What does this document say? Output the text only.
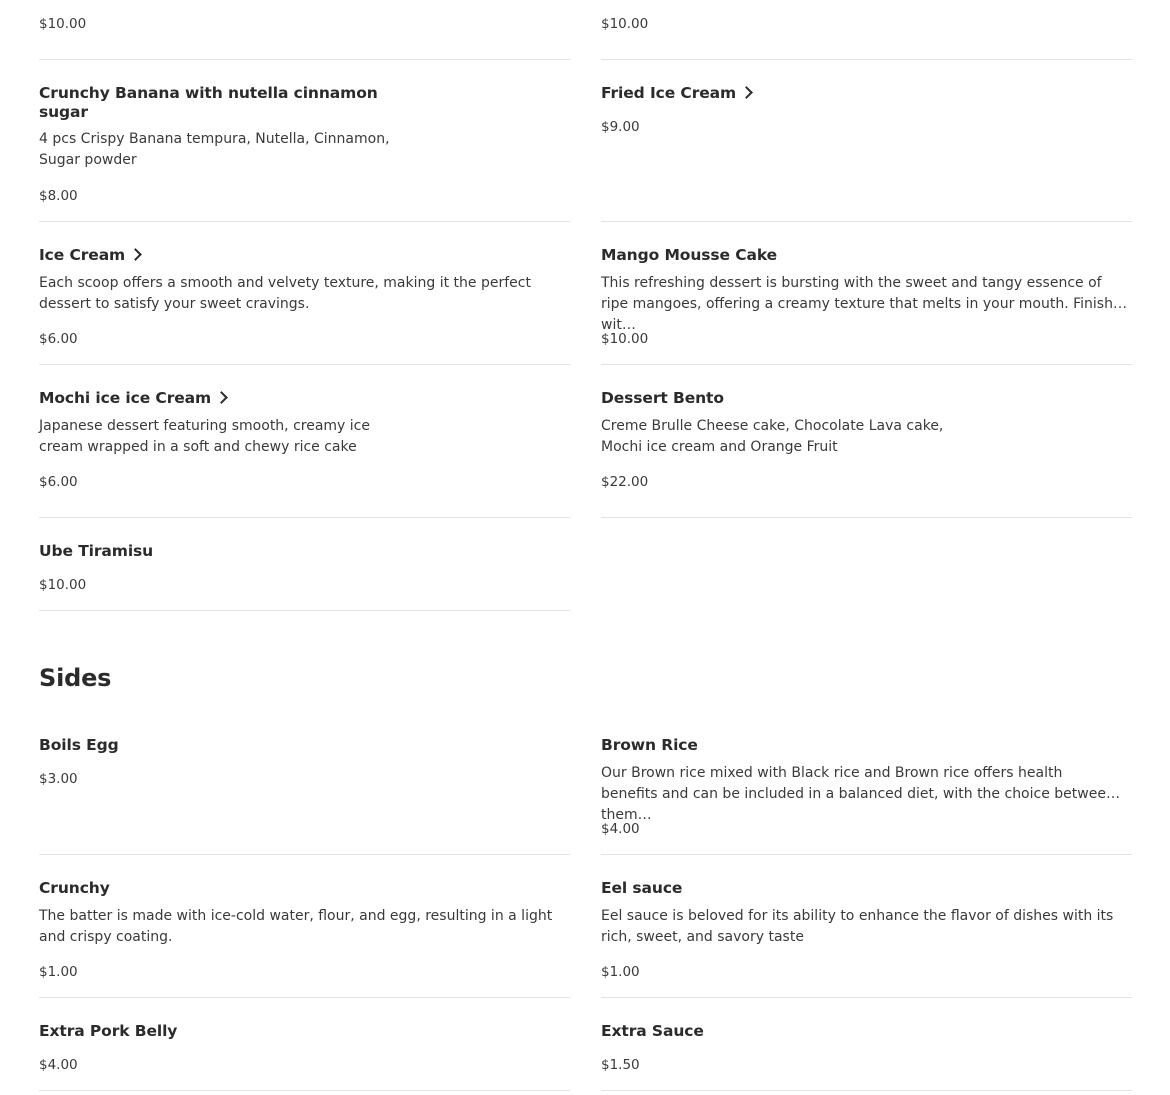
$10.00	$10.00
Crunchy Banana with nutella cinnamon sugar
4 pcs Crispy Banana tempura, Nutella, Cinnamon, Sugar powder
$8.00
Fried Ice Cream
$9.00
Ice Cream
Each scoop offers a smooth and velvety texture, making it the perfect dessert to satisfy your sweet cravings.
$6.00
Mango Mousse Cake
This refreshing dessert is bursting with the sweet and tangy essence of ripe mangoes, offering a creamy texture that melts in your mouth. Finished wit…
$10.00
Mochi ice ice Cream
Japanese dessert featuring smooth, creamy ice cream wrapped in a soft and chewy rice cake
$6.00
Dessert Bento
Creme Brulle Cheese cake, Chocolate Lava cake, Mochi ice cream and Orange Fruit
$22.00
Ube Tiramisu
$10.00
Sides
Boils Egg
$3.00
Brown Rice
Our Brown rice mixed with Black rice and Brown rice offers health benefits and can be included in a balanced diet, with the choice between them…
$4.00
Crunchy
The batter is made with ice-cold water, flour, and egg, resulting in a light and crispy coating.
$1.00
Eel sauce
Eel sauce is beloved for its ability to enhance the flavor of dishes with its rich, sweet, and savory taste
$1.00
Extra Pork Belly
$4.00
Extra Sauce
$1.50
